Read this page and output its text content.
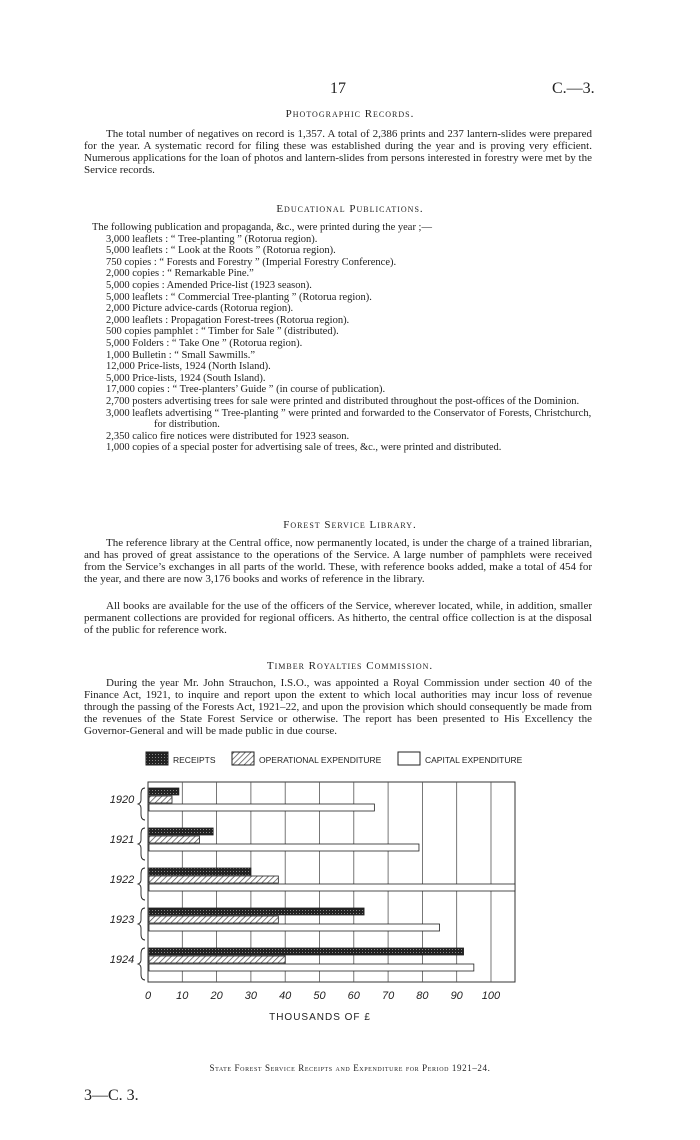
17	C.—3.
Photographic Records.
The total number of negatives on record is 1,357. A total of 2,386 prints and 237 lantern-slides were prepared for the year. A systematic record for filing these was established during the year and is proving very efficient. Numerous applications for the loan of photos and lantern-slides from persons interested in forestry were met by the Service records.
Educational Publications.
The following publication and propaganda, &c., were printed during the year ;—
3,000 leaflets : “ Tree-planting ” (Rotorua region).
5,000 leaflets : “ Look at the Roots ” (Rotorua region).
750 copies : “ Forests and Forestry ” (Imperial Forestry Conference).
2,000 copies : “ Remarkable Pine.”
5,000 copies : Amended Price-list (1923 season).
5,000 leaflets : “ Commercial Tree-planting ” (Rotorua region).
2,000 Picture advice-cards (Rotorua region).
2,000 leaflets : Propagation Forest-trees (Rotorua region).
500 copies pamphlet : “ Timber for Sale ” (distributed).
5,000 Folders : “ Take One ” (Rotorua region).
1,000 Bulletin : “ Small Sawmills.”
12,000 Price-lists, 1924 (North Island).
5,000 Price-lists, 1924 (South Island).
17,000 copies : “ Tree-planters’ Guide ” (in course of publication).
2,700 posters advertising trees for sale were printed and distributed throughout the post-offices of the Dominion.
3,000 leaflets advertising “ Tree-planting ” were printed and forwarded to the Conservator of Forests, Christchurch, for distribution.
2,350 calico fire notices were distributed for 1923 season.
1,000 copies of a special poster for advertising sale of trees, &c., were printed and distributed.
Forest Service Library.
The reference library at the Central office, now permanently located, is under the charge of a trained librarian, and has proved of great assistance to the operations of the Service. A large number of pamphlets were received from the Service’s exchanges in all parts of the world. These, with reference books added, make a total of 454 for the year, and there are now 3,176 books and works of reference in the library.
All books are available for the use of the officers of the Service, wherever located, while, in addition, smaller permanent collections are provided for regional officers. As hitherto, the central office collection is at the disposal of the public for reference work.
Timber Royalties Commission.
During the year Mr. John Strauchon, I.S.O., was appointed a Royal Commission under section 40 of the Finance Act, 1921, to inquire and report upon the extent to which local authorities may incur loss of revenue through the passing of the Forests Act, 1921–22, and upon the provision which should consequently be made from the revenues of the State Forest Service or otherwise. The report has been presented to His Excellency the Governor-General and will be made public in due course.
0 10 20 30 40 50 60 70 80 90 100
THOUSANDS OF £
RECEIPTS	OPERATIONAL EXPENDITURE	CAPITAL EXPENDITURE
1920
1921
1922
1923
1924
State Forest Service Receipts and Expenditure for Period 1921–24.
3—C. 3.
